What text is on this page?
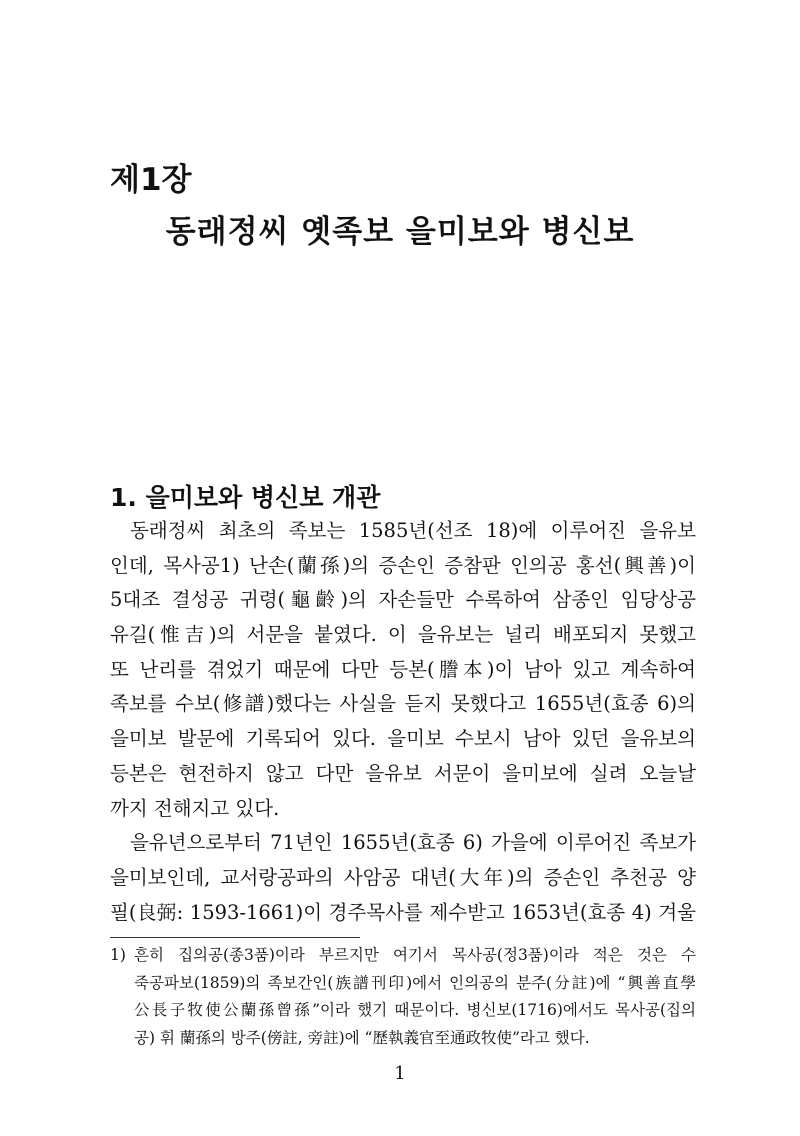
제1장
동래정씨 옛족보 을미보와 병신보
1. 을미보와 병신보 개관
동래정씨 최초의 족보는 1585년(선조 18)에 이루어진 을유보
인데, 목사공1) 난손(蘭孫)의 증손인 증참판 인의공 홍선(興善)이
5대조 결성공 귀령(龜齡)의 자손들만 수록하여 삼종인 임당상공
유길(惟吉)의 서문을 붙였다. 이 을유보는 널리 배포되지 못했고
또 난리를 겪었기 때문에 다만 등본(謄本)이 남아 있고 계속하여
족보를 수보(修譜)했다는 사실을 듣지 못했다고 1655년(효종 6)의
을미보 발문에 기록되어 있다. 을미보 수보시 남아 있던 을유보의
등본은 현전하지 않고 다만 을유보 서문이 을미보에 실려 오늘날
까지 전해지고 있다.
을유년으로부터 71년인 1655년(효종 6) 가을에 이루어진 족보가
을미보인데, 교서랑공파의 사암공 대년(大年)의 증손인 추천공 양
필(良弼: 1593-1661)이 경주목사를 제수받고 1653년(효종 4) 겨울
1) 흔히 집의공(종3품)이라 부르지만 여기서 목사공(정3품)이라 적은 것은 수
죽공파보(1859)의 족보간인(族譜刊印)에서 인의공의 분주(分註)에 “興善直學
公長子牧使公蘭孫曾孫”이라 했기 때문이다. 병신보(1716)에서도 목사공(집의
공) 휘 蘭孫의 방주(傍註, 旁註)에 “歷執義官至通政牧使”라고 했다.
1
